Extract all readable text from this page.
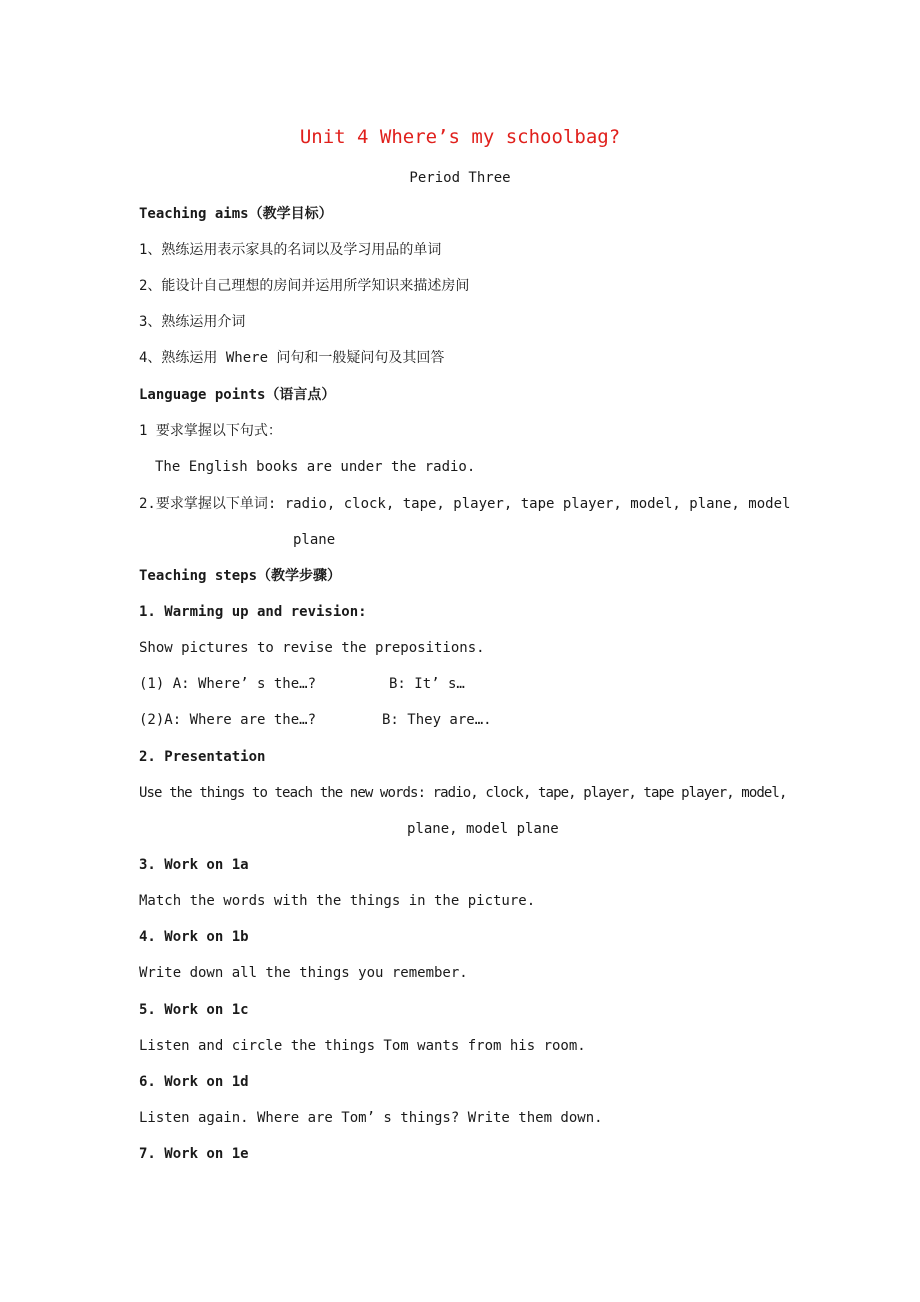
Unit 4 Where’s my schoolbag?
Period Three
Teaching aims（教学目标）
1、熟练运用表示家具的名词以及学习用品的单词
2、能设计自己理想的房间并运用所学知识来描述房间
3、熟练运用介词
4、熟练运用 Where 问句和一般疑问句及其回答
Language points（语言点）
1 要求掌握以下句式：
The English books are under the radio.
2.要求掌握以下单词: radio, clock, tape, player, tape player, model, plane, model
plane
Teaching steps（教学步骤）
1. Warming up and revision:
Show pictures to revise the prepositions.
(1) A: Where’ s the…?	B: It’ s…
(2)A: Where are the…?	B: They are….
2. Presentation
Use the things to teach the new words: radio, clock, tape, player, tape player, model,
plane, model plane
3. Work on 1a
Match the words with the things in the picture.
4. Work on 1b
Write down all the things you remember.
5. Work on 1c
Listen and circle the things Tom wants from his room.
6. Work on 1d
Listen again. Where are Tom’ s things? Write them down.
7. Work on 1e
